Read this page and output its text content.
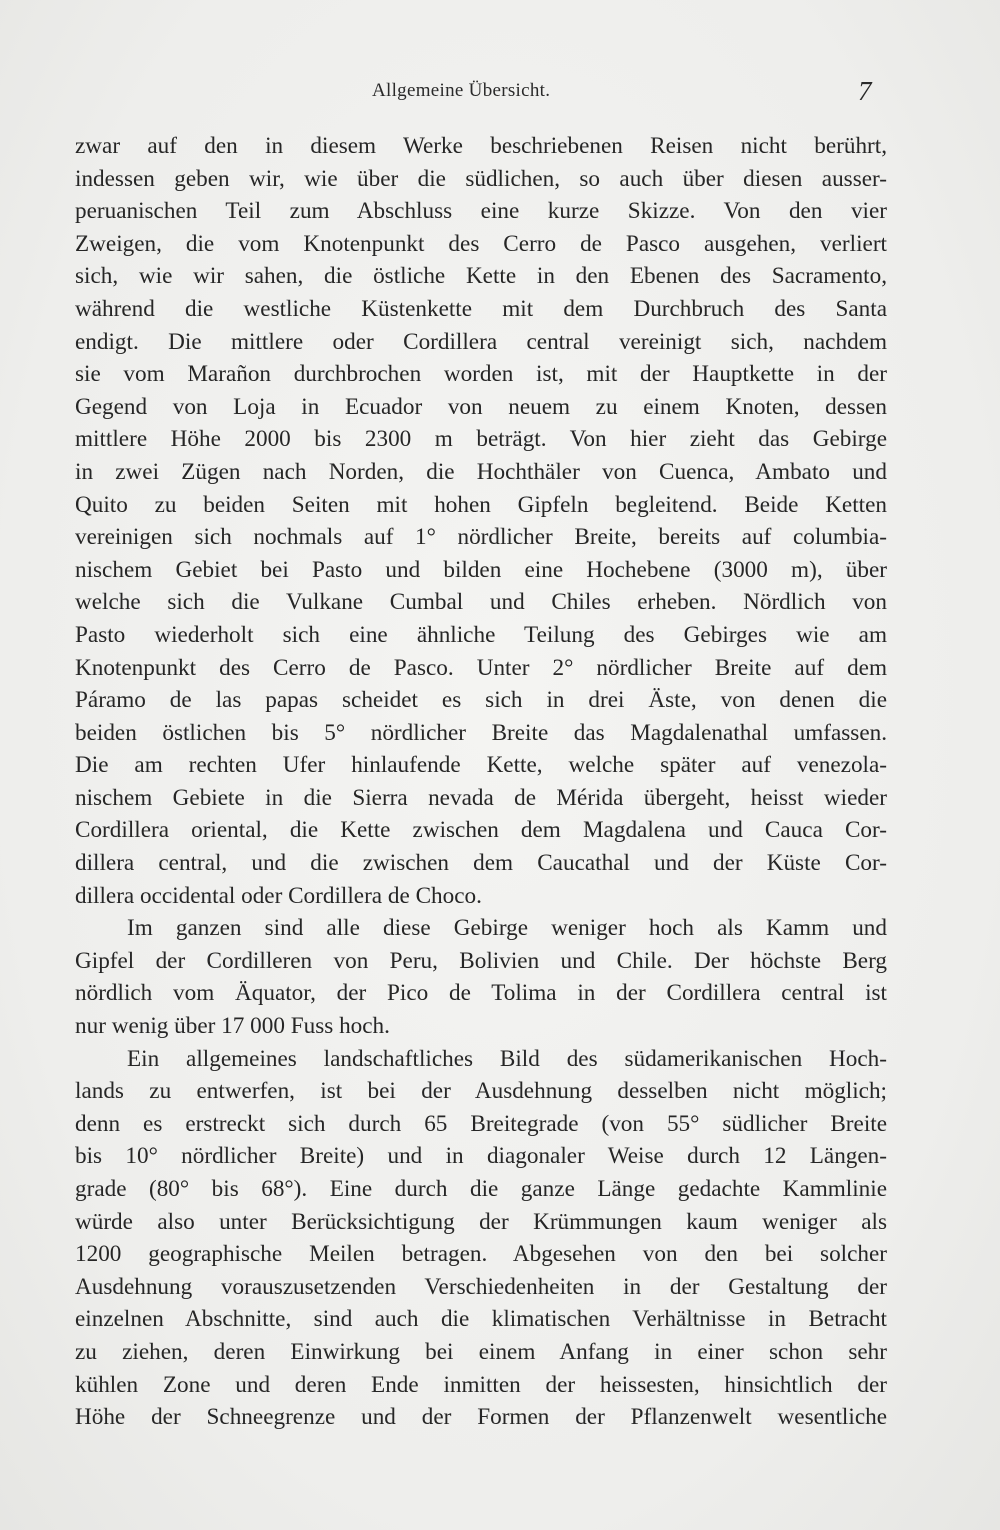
Allgemeine Übersicht.	7
zwar auf den in diesem Werke beschriebenen Reisen nicht berührt,
indessen geben wir, wie über die südlichen, so auch über diesen ausser-
peruanischen Teil zum Abschluss eine kurze Skizze. Von den vier
Zweigen, die vom Knotenpunkt des Cerro de Pasco ausgehen, verliert
sich, wie wir sahen, die östliche Kette in den Ebenen des Sacramento,
während die westliche Küstenkette mit dem Durchbruch des Santa
endigt. Die mittlere oder Cordillera central vereinigt sich, nachdem
sie vom Marañon durchbrochen worden ist, mit der Hauptkette in der
Gegend von Loja in Ecuador von neuem zu einem Knoten, dessen
mittlere Höhe 2000 bis 2300 m beträgt. Von hier zieht das Gebirge
in zwei Zügen nach Norden, die Hochthäler von Cuenca, Ambato und
Quito zu beiden Seiten mit hohen Gipfeln begleitend. Beide Ketten
vereinigen sich nochmals auf 1° nördlicher Breite, bereits auf columbia-
nischem Gebiet bei Pasto und bilden eine Hochebene (3000 m), über
welche sich die Vulkane Cumbal und Chiles erheben. Nördlich von
Pasto wiederholt sich eine ähnliche Teilung des Gebirges wie am
Knotenpunkt des Cerro de Pasco. Unter 2° nördlicher Breite auf dem
Páramo de las papas scheidet es sich in drei Äste, von denen die
beiden östlichen bis 5° nördlicher Breite das Magdalenathal umfassen.
Die am rechten Ufer hinlaufende Kette, welche später auf venezola-
nischem Gebiete in die Sierra nevada de Mérida übergeht, heisst wieder
Cordillera oriental, die Kette zwischen dem Magdalena und Cauca Cor-
dillera central, und die zwischen dem Caucathal und der Küste Cor-
dillera occidental oder Cordillera de Choco.
Im ganzen sind alle diese Gebirge weniger hoch als Kamm und
Gipfel der Cordilleren von Peru, Bolivien und Chile. Der höchste Berg
nördlich vom Äquator, der Pico de Tolima in der Cordillera central ist
nur wenig über 17 000 Fuss hoch.
Ein allgemeines landschaftliches Bild des südamerikanischen Hoch-
lands zu entwerfen, ist bei der Ausdehnung desselben nicht möglich;
denn es erstreckt sich durch 65 Breitegrade (von 55° südlicher Breite
bis 10° nördlicher Breite) und in diagonaler Weise durch 12 Längen-
grade (80° bis 68°). Eine durch die ganze Länge gedachte Kammlinie
würde also unter Berücksichtigung der Krümmungen kaum weniger als
1200 geographische Meilen betragen. Abgesehen von den bei solcher
Ausdehnung vorauszusetzenden Verschiedenheiten in der Gestaltung der
einzelnen Abschnitte, sind auch die klimatischen Verhältnisse in Betracht
zu ziehen, deren Einwirkung bei einem Anfang in einer schon sehr
kühlen Zone und deren Ende inmitten der heissesten, hinsichtlich der
Höhe der Schneegrenze und der Formen der Pflanzenwelt wesentliche
